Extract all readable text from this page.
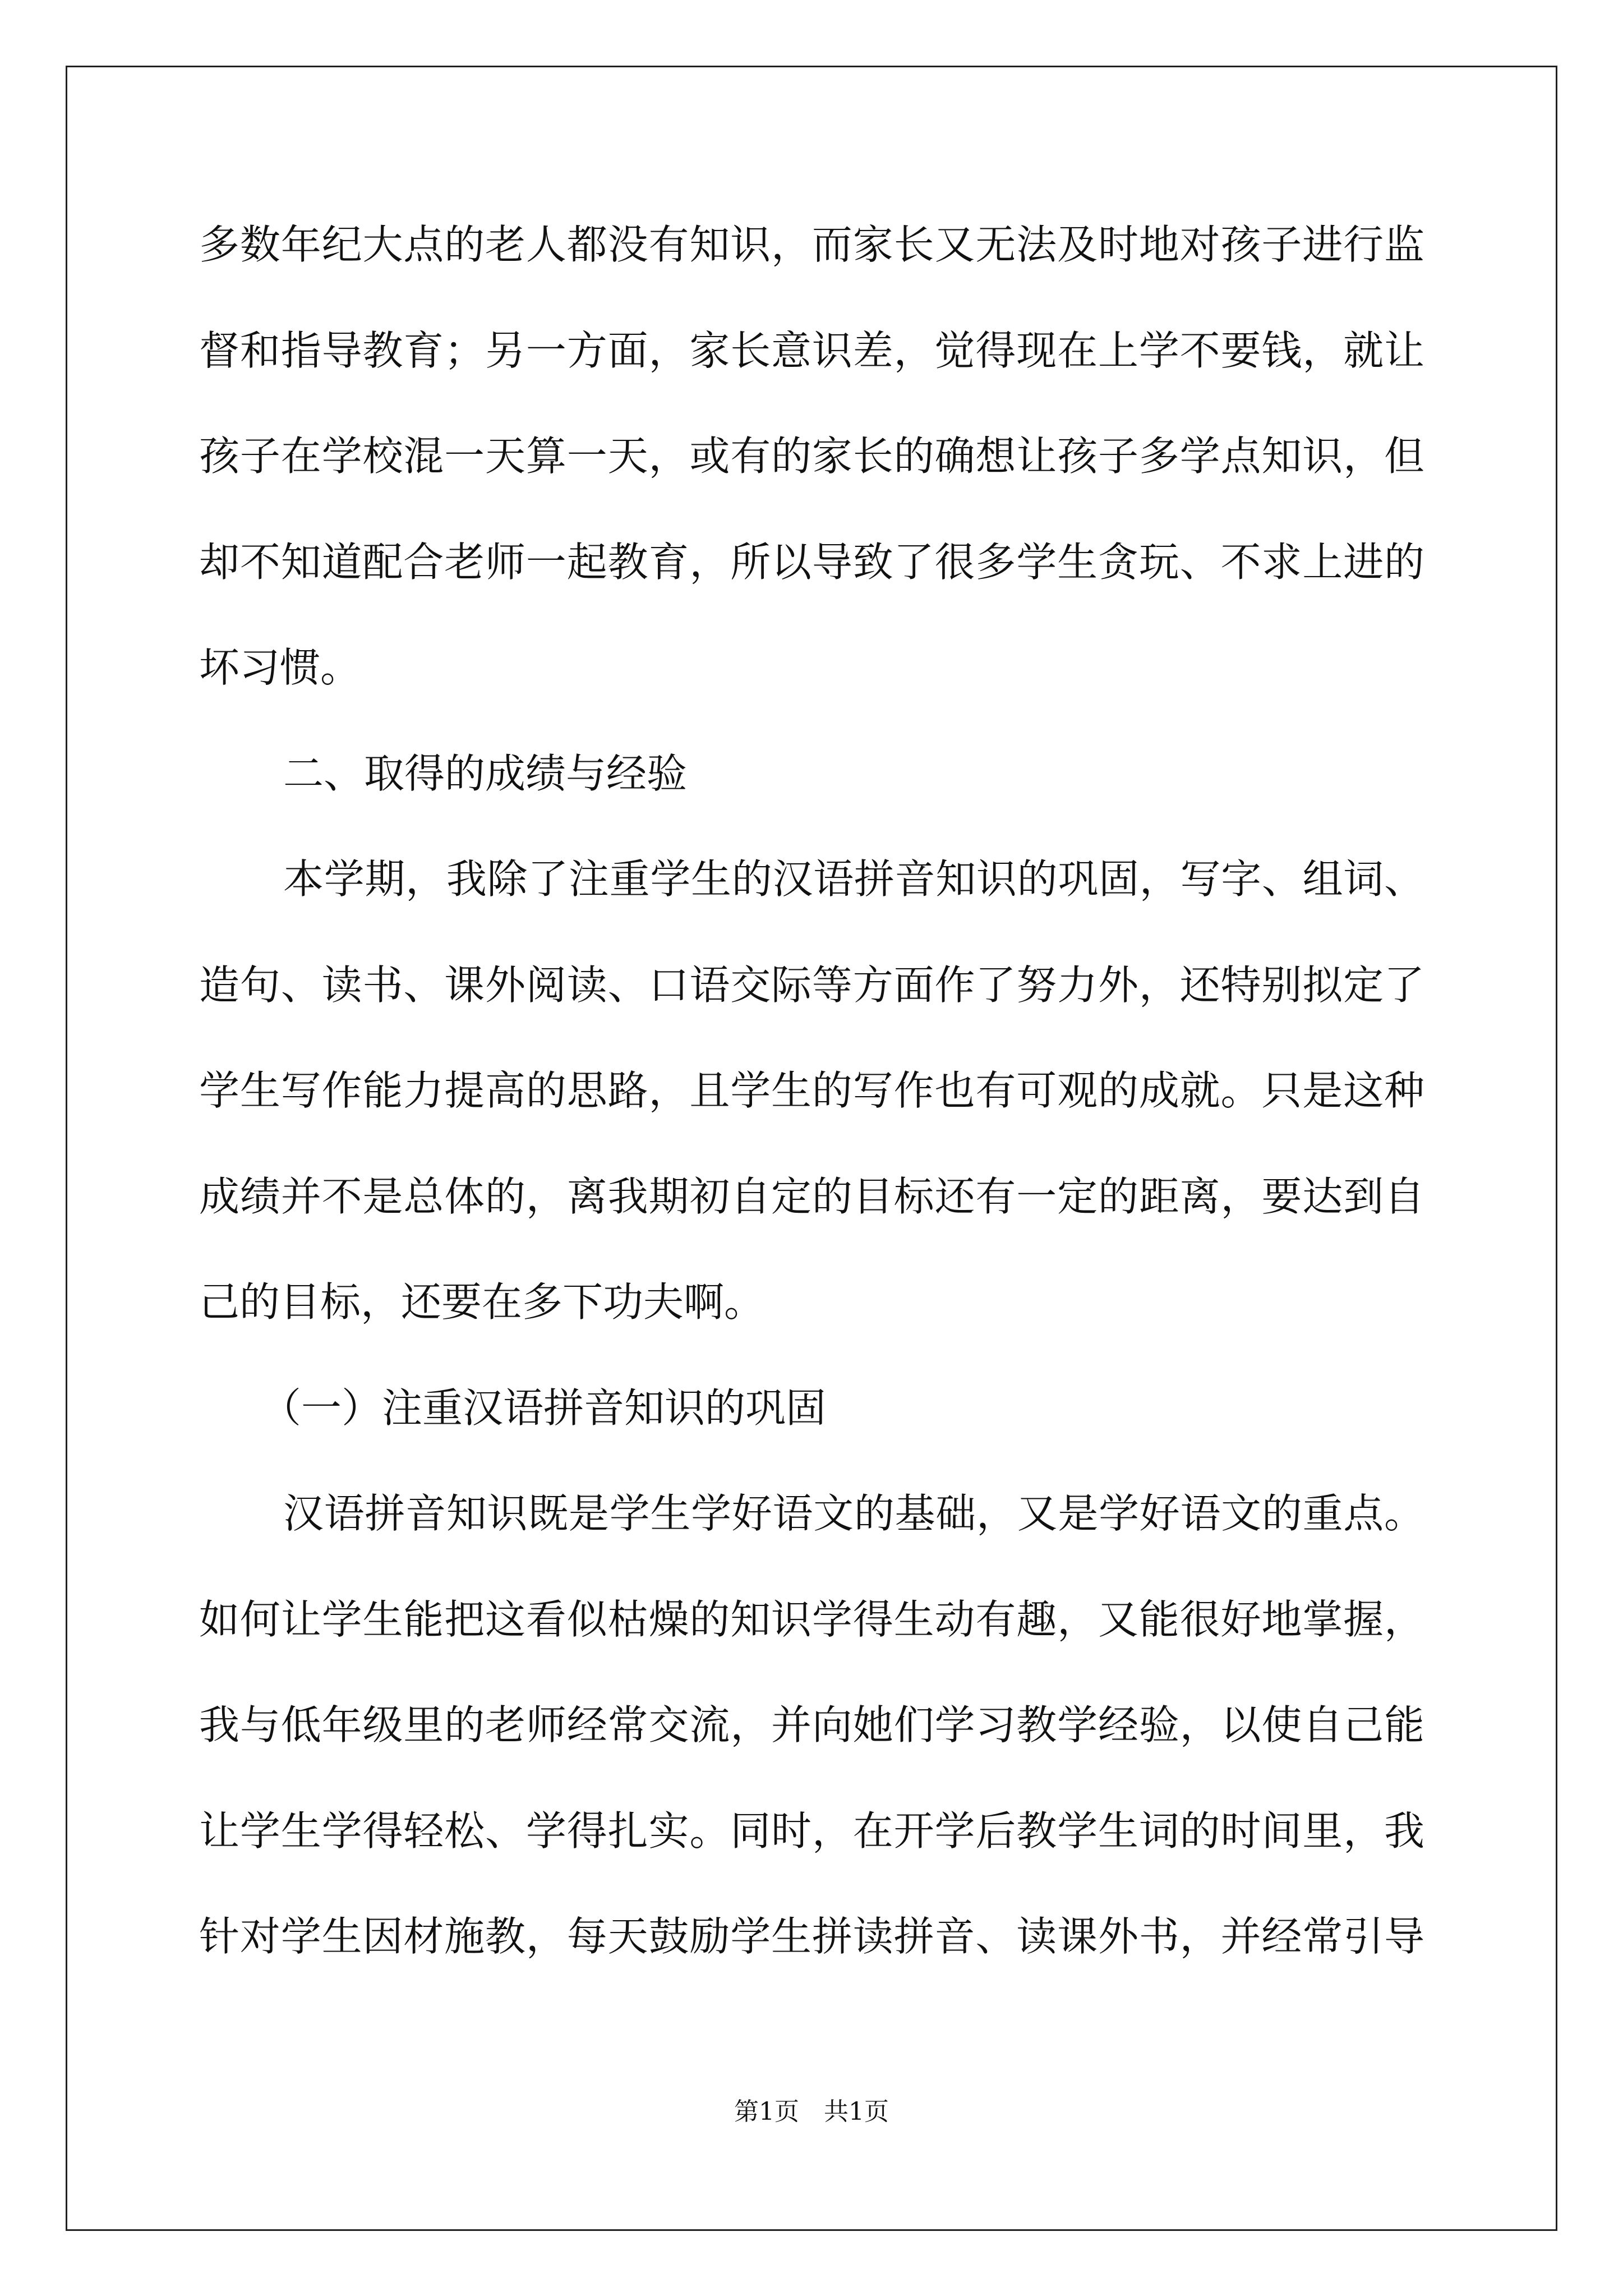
多数年纪大点的老人都没有知识，而家长又无法及时地对孩子进行监
督和指导教育；另一方面，家长意识差，觉得现在上学不要钱，就让
孩子在学校混一天算一天，或有的家长的确想让孩子多学点知识，但
却不知道配合老师一起教育，所以导致了很多学生贪玩、不求上进的
坏习惯。
二、取得的成绩与经验
本学期，我除了注重学生的汉语拼音知识的巩固，写字、组词、
造句、读书、课外阅读、口语交际等方面作了努力外，还特别拟定了
学生写作能力提高的思路，且学生的写作也有可观的成就。只是这种
成绩并不是总体的，离我期初自定的目标还有一定的距离，要达到自
己的目标，还要在多下功夫啊。
（一）注重汉语拼音知识的巩固
汉语拼音知识既是学生学好语文的基础，又是学好语文的重点。
如何让学生能把这看似枯燥的知识学得生动有趣，又能很好地掌握，
我与低年级里的老师经常交流，并向她们学习教学经验，以使自己能
让学生学得轻松、学得扎实。同时，在开学后教学生词的时间里，我
针对学生因材施教，每天鼓励学生拼读拼音、读课外书，并经常引导
第1页　共1页
